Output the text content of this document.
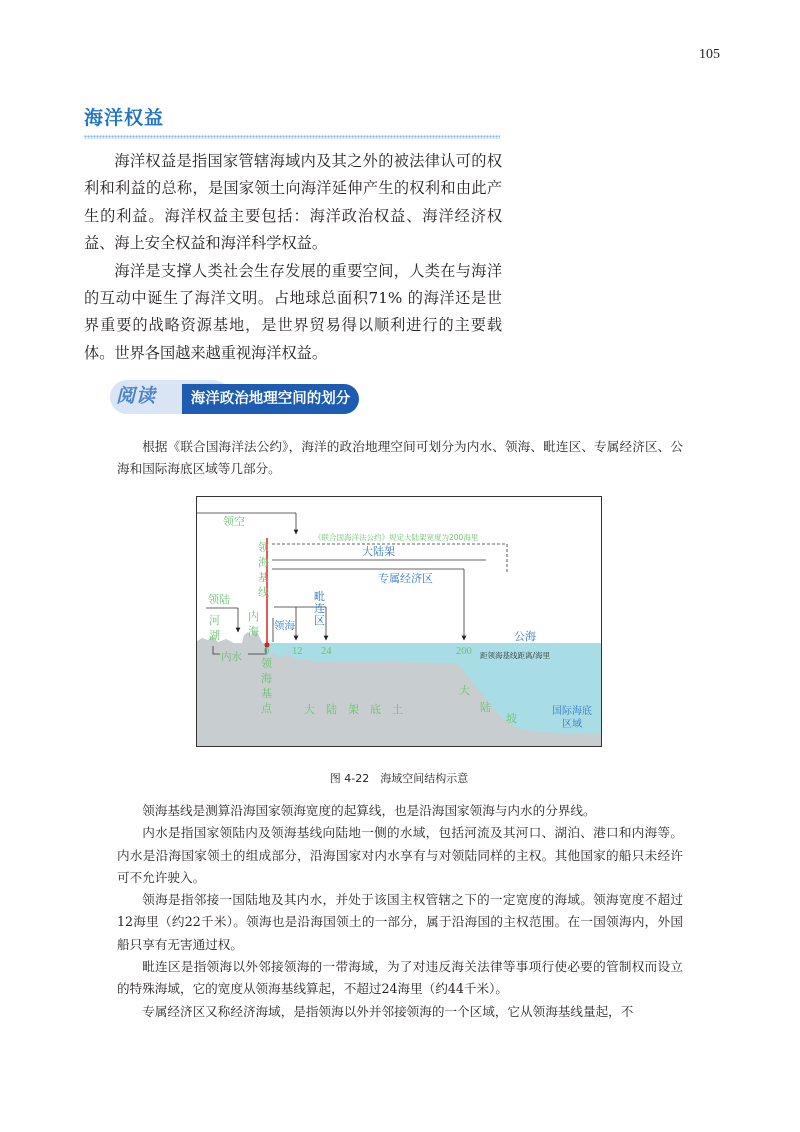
105
海洋权益

海洋权益是指国家管辖海域内及其之外的被法律认可的权利和利益的总称，是国家领土向海洋延伸产生的权利和由此产生的利益。海洋权益主要包括：海洋政治权益、海洋经济权益、海上安全权益和海洋科学权益。

海洋是支撑人类社会生存发展的重要空间，人类在与海洋的互动中诞生了海洋文明。占地球总面积71% 的海洋还是世界重要的战略资源基地，是世界贸易得以顺利进行的主要载体。世界各国越来越重视海洋权益。

阅读	海洋政治地理空间的划分

根据《联合国海洋法公约》，海洋的政治地理空间可划分为内水、领海、毗连区、专属经济区、公海和国际海底区域等几部分。

领空
《联合国海洋法公约》规定大陆架宽度为200海里
大陆架
专属经济区
领 海 基 线	毗 连 区
领陆
河 湖
内 海	领海
内水 0 12 24	200
公海
距领海基线距离/海里
领 海 基 点	大　陆　架　底　土
大
陆
坡
国际海底
区域

图 4-22　海域空间结构示意

领海基线是测算沿海国家领海宽度的起算线，也是沿海国家领海与内水的分界线。

内水是指国家领陆内及领海基线向陆地一侧的水域，包括河流及其河口、湖泊、港口和内海等。内水是沿海国家领土的组成部分，沿海国家对内水享有与对领陆同样的主权。其他国家的船只未经许可不允许驶入。

领海是指邻接一国陆地及其内水，并处于该国主权管辖之下的一定宽度的海域。领海宽度不超过12海里（约22千米）。领海也是沿海国领土的一部分，属于沿海国的主权范围。在一国领海内，外国船只享有无害通过权。

毗连区是指领海以外邻接领海的一带海域，为了对违反海关法律等事项行使必要的管制权而设立的特殊海域，它的宽度从领海基线算起，不超过24海里（约44千米）。

专属经济区又称经济海域，是指领海以外并邻接领海的一个区域，它从领海基线量起，不
